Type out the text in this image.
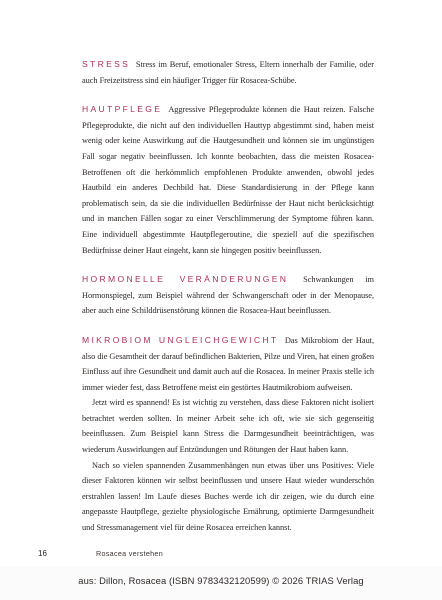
STRESS Stress im Beruf, emotionaler Stress, Eltern innerhalb der Familie, oder auch Freizeitstress sind ein häufiger Trigger für Rosacea-Schübe.

HAUTPFLEGE Aggressive Pflegeprodukte können die Haut reizen. Falsche Pflegeprodukte, die nicht auf den individuellen Hauttyp abgestimmt sind, haben meist wenig oder keine Auswirkung auf die Hautgesundheit und können sie im ungünstigen Fall sogar negativ beeinflussen. Ich konnte beobachten, dass die meisten Rosacea-Betroffenen oft die herkömmlich empfohlenen Produkte anwenden, obwohl jedes Hautbild ein anderes Dechbild hat. Diese Standardisierung in der Pflege kann problematisch sein, da sie die individuellen Bedürfnisse der Haut nicht berücksichtigt und in manchen Fällen sogar zu einer Verschlimmerung der Symptome führen kann. Eine individuell abgestimmte Hautpflegeroutine, die speziell auf die spezifischen Bedürfnisse deiner Haut eingeht, kann sie hingegen positiv beeinflussen.

HORMONELLE VERÄNDERUNGEN Schwankungen im Hormonspiegel, zum Beispiel während der Schwangerschaft oder in der Menopause, aber auch eine Schilddrüsenstörung können die Rosacea-Haut beeinflussen.

MIKROBIOM UNGLEICHGEWICHT Das Mikrobiom der Haut, also die Gesamtheit der darauf befindlichen Bakterien, Pilze und Viren, hat einen großen Einfluss auf ihre Gesundheit und damit auch auf die Rosacea. In meiner Praxis stelle ich immer wieder fest, dass Betroffene meist ein gestörtes Hautmikrobiom aufweisen.

Jetzt wird es spannend! Es ist wichtig zu verstehen, dass diese Faktoren nicht isoliert betrachtet werden sollten. In meiner Arbeit sehe ich oft, wie sie sich gegenseitig beeinflussen. Zum Beispiel kann Stress die Darmgesundheit beeinträchtigen, was wiederum Auswirkungen auf Entzündungen und Rötungen der Haut haben kann.

Nach so vielen spannenden Zusammenhängen nun etwas über uns Positives: Viele dieser Faktoren können wir selbst beeinflussen und unsere Haut wieder wunderschön erstrahlen lassen! Im Laufe dieses Buches werde ich dir zeigen, wie du durch eine angepasste Hautpflege, gezielte physiologische Ernährung, optimierte Darmgesundheit und Stressmanagement viel für deine Rosacea erreichen kannst.

16	Rosacea verstehen
aus: Dillon, Rosacea (ISBN 9783432120599) © 2026 TRIAS Verlag
